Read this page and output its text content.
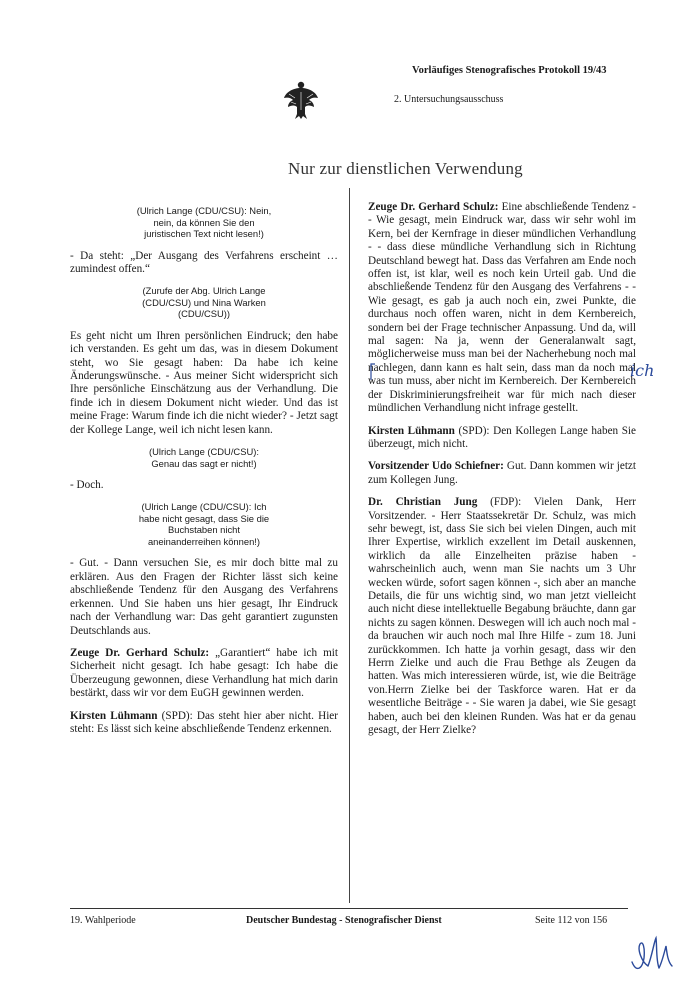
Vorläufiges Stenografisches Protokoll 19/43
2. Untersuchungsausschuss
Nur zur dienstlichen Verwendung
(Ulrich Lange (CDU/CSU): Nein, nein, da können Sie den juristischen Text nicht lesen!)

- Da steht: „Der Ausgang des Verfahrens erscheint … zumindest offen.“

(Zurufe der Abg. Ulrich Lange (CDU/CSU) und Nina Warken (CDU/CSU))

Es geht nicht um Ihren persönlichen Eindruck; den habe ich verstanden. Es geht um das, was in diesem Dokument steht, wo Sie gesagt haben: Da habe ich keine Änderungswünsche. - Aus meiner Sicht widerspricht sich Ihre persönliche Einschätzung aus der Verhandlung. Die finde ich in diesem Dokument nicht wieder. Und das ist meine Frage: Warum finde ich die nicht wieder? - Jetzt sagt der Kollege Lange, weil ich nicht lesen kann.

(Ulrich Lange (CDU/CSU): Genau das sagt er nicht!)

- Doch.

(Ulrich Lange (CDU/CSU): Ich habe nicht gesagt, dass Sie die Buchstaben nicht aneinanderreihen können!)

- Gut. - Dann versuchen Sie, es mir doch bitte mal zu erklären. Aus den Fragen der Richter lässt sich keine abschließende Tendenz für den Ausgang des Verfahrens erkennen. Und Sie haben uns hier gesagt, Ihr Eindruck nach der Verhandlung war: Das geht garantiert zugunsten Deutschlands aus.

Zeuge Dr. Gerhard Schulz: „Garantiert“ habe ich mit Sicherheit nicht gesagt. Ich habe gesagt: Ich habe die Überzeugung gewonnen, diese Verhandlung hat mich darin bestärkt, dass wir vor dem EuGH gewinnen werden.

Kirsten Lühmann (SPD): Das steht hier aber nicht. Hier steht: Es lässt sich keine abschließende Tendenz erkennen.

Zeuge Dr. Gerhard Schulz: Eine abschließende Tendenz - - Wie gesagt, mein Eindruck war, dass wir sehr wohl im Kern, bei der Kernfrage in dieser mündlichen Verhandlung - - dass diese mündliche Verhandlung sich in Richtung Deutschland bewegt hat. Dass das Verfahren am Ende noch offen ist, ist klar, weil es noch kein Urteil gab. Und die abschließende Tendenz für den Ausgang des Verfahrens - - Wie gesagt, es gab ja auch noch ein, zwei Punkte, die durchaus noch offen waren, nicht in dem Kernbereich, sondern bei der Frage technischer Anpassung. Und da, will mal sagen: Na ja, wenn der Generalanwalt sagt, möglicherweise muss man bei der Nacherhebung noch mal nachlegen, dann kann es halt sein, dass man da noch mal was tun muss, aber nicht im Kernbereich. Der Kernbereich der Diskriminierungsfreiheit war für mich nach dieser mündlichen Verhandlung nicht infrage gestellt.

Kirsten Lühmann (SPD): Den Kollegen Lange haben Sie überzeugt, mich nicht.

Vorsitzender Udo Schiefner: Gut. Dann kommen wir jetzt zum Kollegen Jung.

Dr. Christian Jung (FDP): Vielen Dank, Herr Vorsitzender. - Herr Staatssekretär Dr. Schulz, was mich sehr bewegt, ist, dass Sie sich bei vielen Dingen, auch mit Ihrer Expertise, wirklich exzellent im Detail auskennen, wirklich da alle Einzelheiten präzise haben - wahrscheinlich auch, wenn man Sie nachts um 3 Uhr wecken würde, sofort sagen können -, sich aber an manche Details, die für uns wichtig sind, wo man jetzt vielleicht auch nicht diese intellektuelle Begabung bräuchte, dann gar nichts zu sagen können. Deswegen will ich auch noch mal - da brauchen wir auch noch mal Ihre Hilfe - zum 18. Juni zurückkommen. Ich hatte ja vorhin gesagt, dass wir den Herrn Zielke und auch die Frau Bethge als Zeugen da hatten. Was mich interessieren würde, ist, wie die Beiträge von.Herrn Zielke bei der Taskforce waren. Hat er da wesentliche Beiträge - - Sie waren ja dabei, wie Sie gesagt haben, auch bei den kleinen Runden. Was hat er da genau gesagt, der Herr Zielke?

ich
19. Wahlperiode	Deutscher Bundestag - Stenografischer Dienst	Seite 112 von 156
